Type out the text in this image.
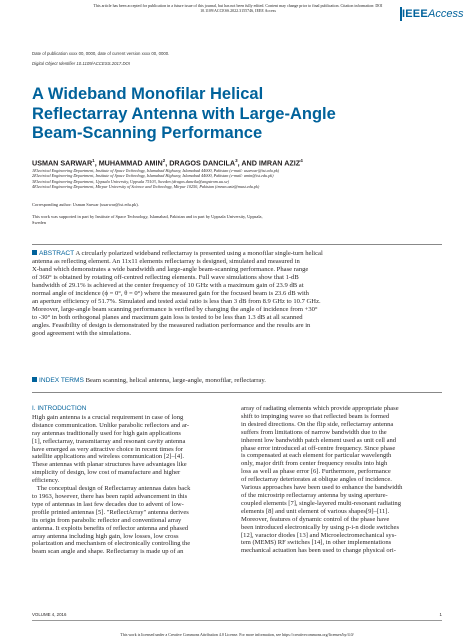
This article has been accepted for publication in a future issue of this journal, but has not been fully edited. Content may change prior to final publication. Citation information: DOI
10.1109/ACCESS.2022.3155746, IEEE Access	IEEE Access
Date of publication xxxx 00, 0000, date of current version xxxx 00, 0000.
Digital Object Identifier 10.1109/ACCESS.2017.DOI
A Wideband Monofilar Helical
Reflectarray Antenna with Large-Angle
Beam-Scanning Performance
USMAN SARWAR$^1$, MUHAMMAD AMIN$^2$, DRAGOS DANCILA$^3$, AND IMRAN AZIZ$^4$
1Electrical Engineering Department, Institute of Space Technology, Islamabad Highway, Islamabad 44000, Pakistan (e-mail: usarwar@ist.edu.pk)
2Electrical Engineering Department, Institute of Space Technology, Islamabad Highway, Islamabad 44000, Pakistan (e-mail: amin@ist.edu.pk)
3Electrical Engineering Department, Uppsala University, Uppsala 75103, Sweden (dragos.dancila@angstrom.uu.se)
4Electrical Engineering Department, Mirpur University of Science and Technology, Mirpur 10250, Pakistan (imran.aziz@must.edu.pk)
Corresponding author: Usman Sarwar (usarwar@ist.edu.pk).
This work was supported in part by Institute of Space Technology, Islamabad, Pakistan and in part by Uppsala University, Uppsala,
Sweden
ABSTRACT A circularly polarized wideband reflectarray is presented using a monofilar single-turn helical
antenna as reflecting element. An 11x11 elements reflectarray is designed, simulated and measured in
X-band which demonstrates a wide bandwidth and large-angle beam-scanning performance. Phase range
of 360° is obtained by rotating off-centred reflecting elements. Full wave simulations show that 1-dB
bandwidth of 29.1% is achieved at the center frequency of 10 GHz with a maximum gain of 23.9 dB at
normal angle of incidence (ϕ = 0°, θ = 0°) where the measured gain for the focused beam is 23.6 dB with
an aperture efficiency of 51.7%. Simulated and tested axial ratio is less than 3 dB from 8.9 GHz to 10.7 GHz.
Moreover, large-angle beam scanning performance is verified by changing the angle of incidence from +30°
to -30° in both orthogonal planes and maximum gain loss is tested to be less than 1.3 dB at all scanned
angles. Feasibility of design is demonstrated by the measured radiation performance and the results are in
good agreement with the simulations.
INDEX TERMS Beam scanning, helical antenna, large-angle, monofilar, reflectarray.
I. INTRODUCTION
High gain antenna is a crucial requirement in case of long
distance communication. Unlike parabolic reflectors and ar-
ray antennas traditionally used for high gain applications
[1], reflectarray, transmitarray and resonant cavity antenna
have emerged as very attractive choice in recent times for
satellite applications and wireless communication [2]–[4].
These antennas with planar structures have advantages like
simplicity of design, low cost of manufacture and higher
efficiency.
The conceptual design of Reflectarray antennas dates back
to 1963, however, there has been rapid advancement in this
type of antennas in last few decades due to advent of low-
profile printed antennas [5]. "ReflectArray" antenna derives
its origin from parabolic reflector and conventional array
antenna. It exploits benefits of reflector antenna and phased
array antenna including high gain, low losses, low cross
polarization and mechanism of electronically controlling the
beam scan angle and shape. Reflectarray is made up of an
array of radiating elements which provide appropriate phase
shift to impinging wave so that reflected beam is formed
in desired directions. On the flip side, reflectarray antenna
suffers from limitations of narrow bandwidth due to the
inherent low bandwidth patch element used as unit cell and
phase error introduced at off-centre frequency. Since phase
is compensated at each element for particular wavelength
only, major drift from center frequency results into high
loss as well as phase error [6]. Furthermore, performance
of reflectarray deteriorates at oblique angles of incidence.
Various approaches have been used to enhance the bandwidth
of the microstrip reflectarray antenna by using aperture-
coupled elements [7], single-layered multi-resonant radiating
elements [8] and unit element of various shapes[9]–[11].
Moreover, features of dynamic control of the phase have
been introduced electronically by using p-i-n diode switches
[12], varactor diodes [13] and Microelectromechanical sys-
tem (MEMS) RF switches [14], in other implementations
mechanical actuation has been used to change physical ori-
VOLUME 4, 2016	1
This work is licensed under a Creative Commons Attribution 4.0 License. For more information, see https://creativecommons.org/licenses/by/4.0/
